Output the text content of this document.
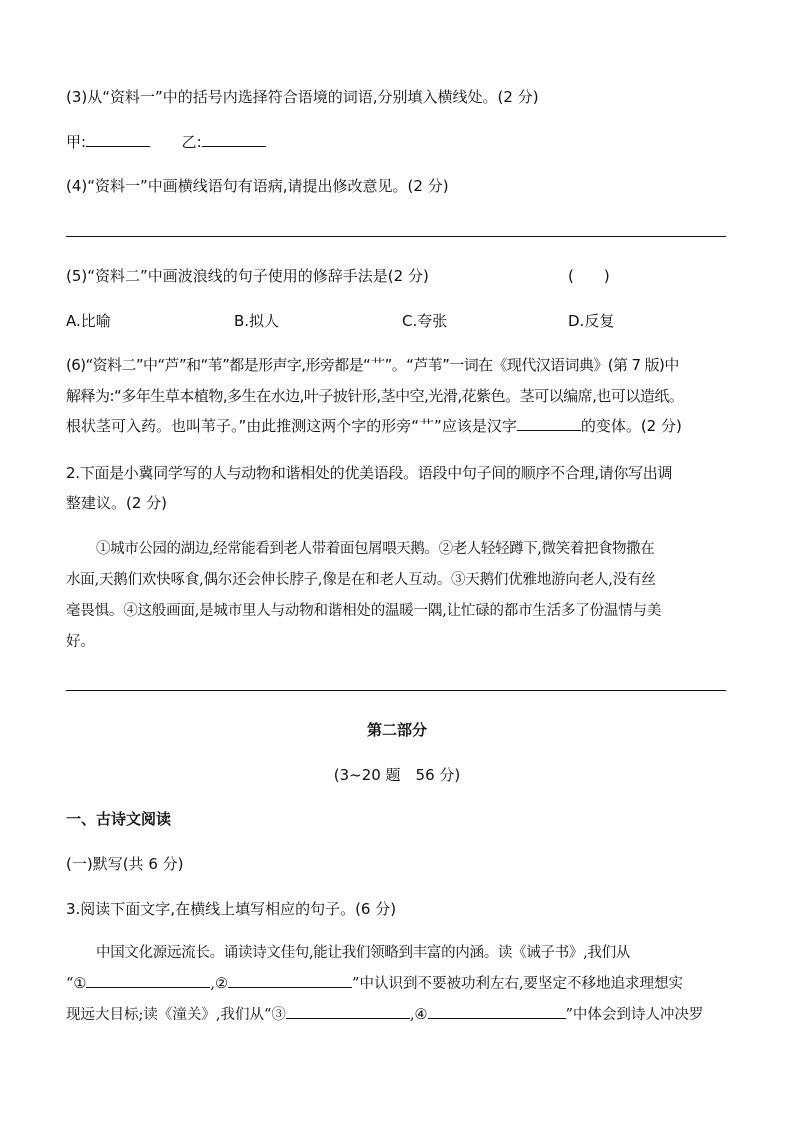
(3)从“资料一”中的括号内选择符合语境的词语,分别填入横线处。(2 分)
甲:	乙:
(4)“资料一”中画横线语句有语病,请提出修改意见。(2 分)
(5)“资料二”中画波浪线的句子使用的修辞手法是(2 分)	(　　)
A.比喻	B.拟人	C.夸张	D.反复
(6)“资料二”中“芦”和“苇”都是形声字,形旁都是“艹”。“芦苇”一词在《现代汉语词典》(第 7 版)中
解释为:“多年生草本植物,多生在水边,叶子披针形,茎中空,光滑,花紫色。茎可以编席,也可以造纸。
根状茎可入药。也叫苇子。”由此推测这两个字的形旁“艹”应该是汉字	的变体。(2 分)
2.下面是小冀同学写的人与动物和谐相处的优美语段。语段中句子间的顺序不合理,请你写出调
整建议。(2 分)
①城市公园的湖边,经常能看到老人带着面包屑喂天鹅。②老人轻轻蹲下,微笑着把食物撒在
水面,天鹅们欢快啄食,偶尔还会伸长脖子,像是在和老人互动。③天鹅们优雅地游向老人,没有丝
毫畏惧。④这般画面,是城市里人与动物和谐相处的温暖一隅,让忙碌的都市生活多了份温情与美
好。
第二部分
(3~20 题　56 分)
一、古诗文阅读
(一)默写(共 6 分)
3.阅读下面文字,在横线上填写相应的句子。(6 分)
中国文化源远流长。诵读诗文佳句,能让我们领略到丰富的内涵。读《诫子书》,我们从
“①	,②	”中认识到不要被功利左右,要坚定不移地追求理想实
现远大目标;读《潼关》,我们从“③	,④	”中体会到诗人冲决罗
